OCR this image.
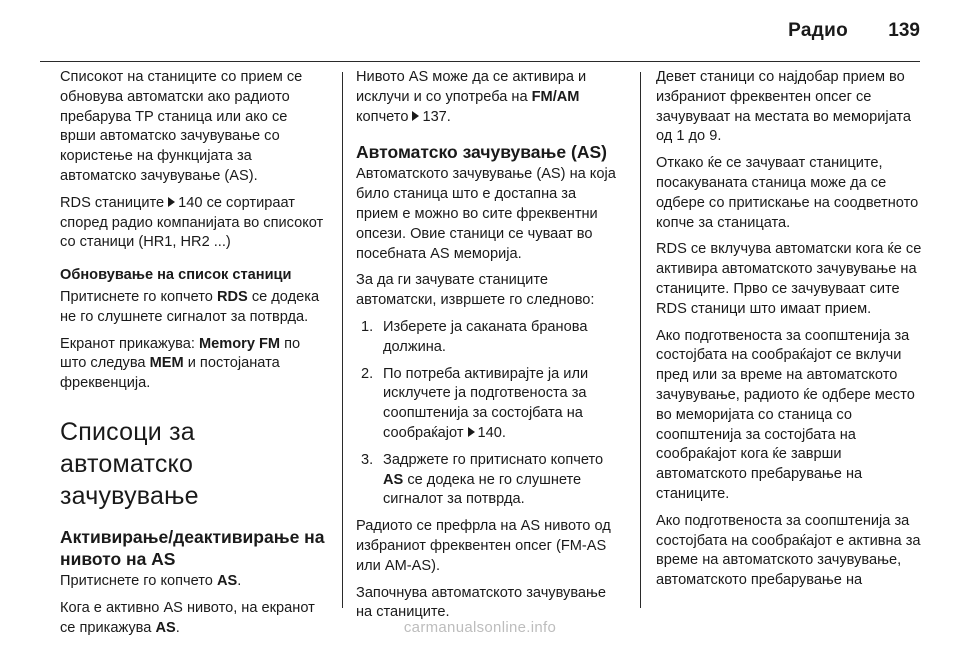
Радио 139

Списокот на станиците со прием се обновува автоматски ако радиото пребарува TP станица или ако се врши автоматско зачувување со користење на функцијата за автоматско зачувување (AS).

RDS станиците 140 се сортираат според радио компанијата во списокот со станици (HR1, HR2 ...)

Обновување на список станици

Притиснете го копчето RDS се додека не го слушнете сигналот за потврда.

Екранот прикажува: Memory FM по што следува MEM и постојаната фреквенција.

Списоци за автоматско зачувување
Активирање/деактивирање на нивото на AS

Притиснете го копчето AS.

Кога е активно AS нивото, на екранот се прикажува AS.

Нивото AS може да се активира и исклучи и со употреба на FM/AM копчето 137.

Автоматско зачувување (AS)

Автоматското зачувување (AS) на која било станица што е достапна за прием е можно во сите фреквентни опсези. Овие станици се чуваат во посебната AS меморија.

За да ги зачувате станиците автоматски, извршете го следново:

1. Изберете ја саканата бранова должина.
2. По потреба активирајте ја или исклучете ја подготвеноста за соопштенија за состојбата на сообраќајот 140.
3. Задржете го притиснато копчето AS се додека не го слушнете сигналот за потврда.

Радиото се префрла на AS нивото од избраниот фреквентен опсег (FM-AS или AM-AS).

Започнува автоматското зачувување на станиците.

Девет станици со најдобар прием во избраниот фреквентен опсег се зачувуваат на местата во меморијата од 1 до 9.

Откако ќе се зачуваат станиците, посакуваната станица може да се одбере со притискање на соодветното копче за станицата.

RDS се вклучува автоматски кога ќе се активира автоматското зачувување на станиците. Прво се зачувуваат сите RDS станици што имаат прием.

Ако подготвеноста за соопштенија за состојбата на сообраќајот се вклучи пред или за време на автоматското зачувување, радиото ќе одбере место во меморијата со станица со соопштенија за состојбата на сообраќајот кога ќе заврши автоматското пребарување на станиците.

Ако подготвеноста за соопштенија за состојбата на сообраќајот е активна за време на автоматското зачувување, автоматското пребарување на

carmanualsonline.info
